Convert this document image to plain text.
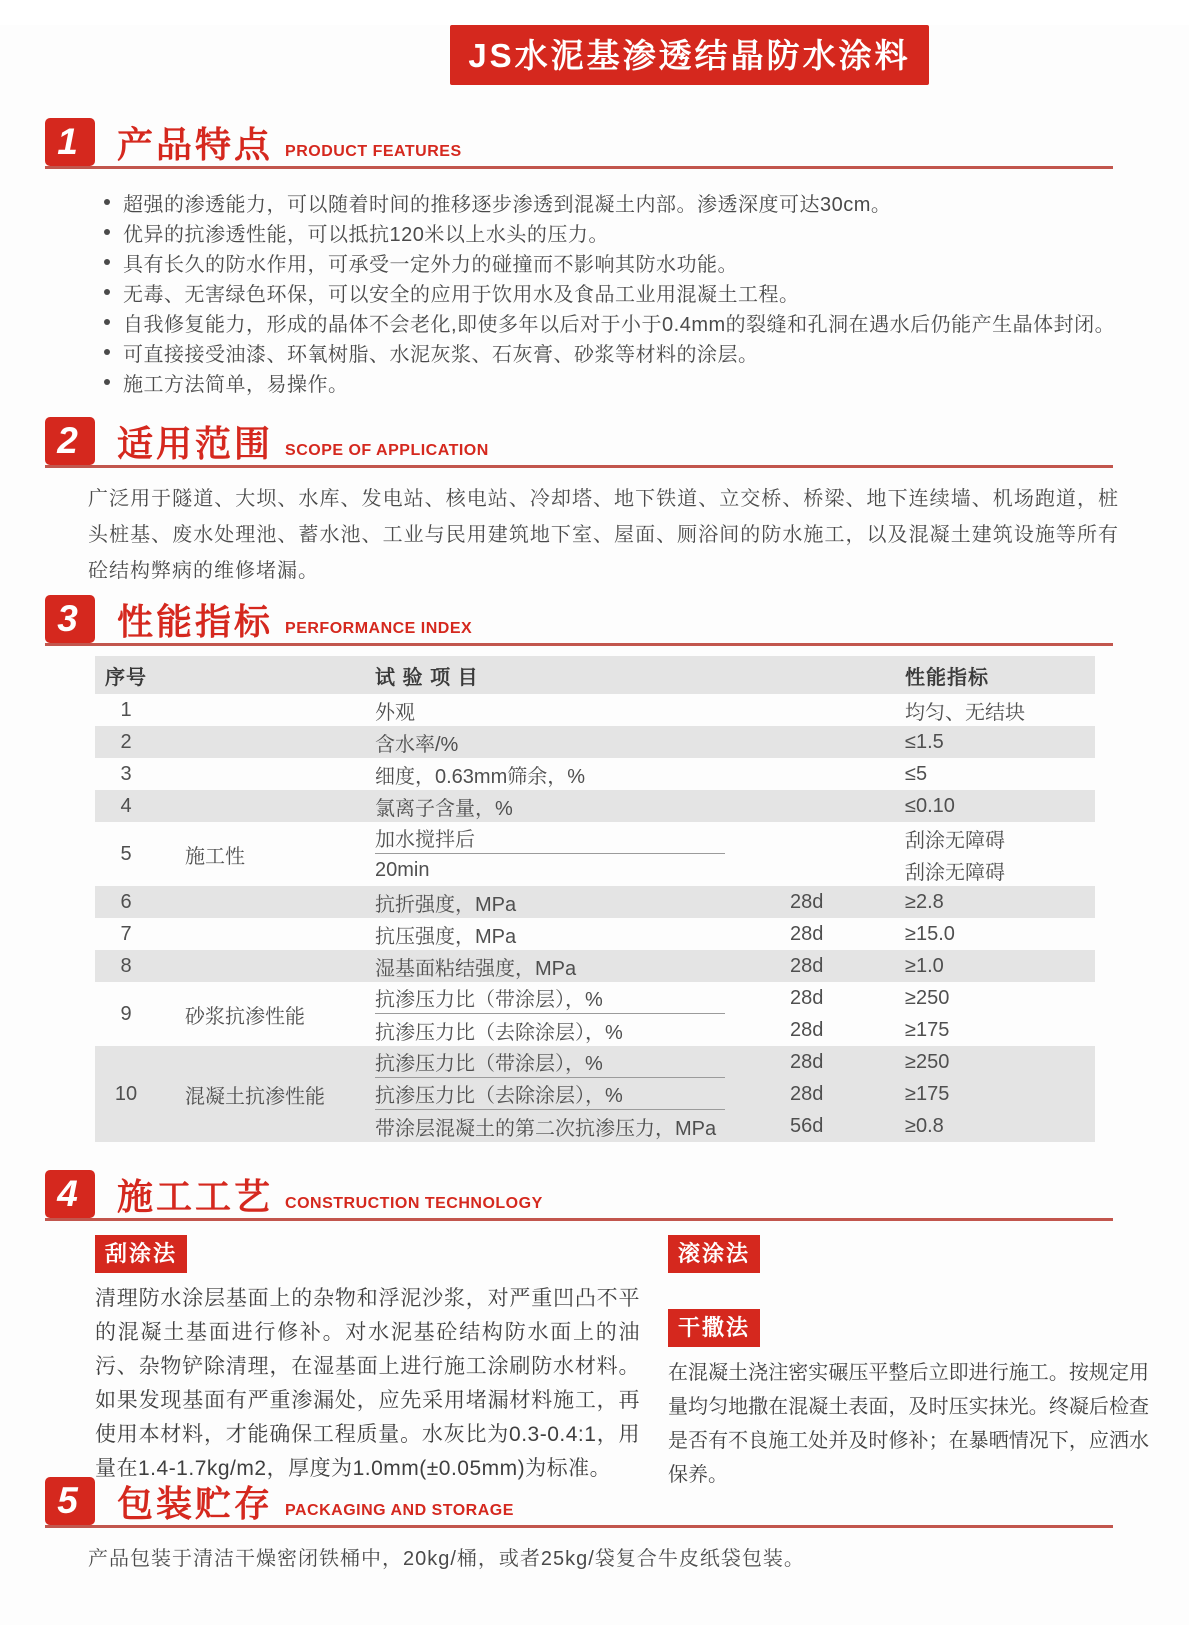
JS水泥基渗透结晶防水涂料
1	产品特点 PRODUCT FEATURES
超强的渗透能力，可以随着时间的推移逐步渗透到混凝土内部。渗透深度可达30cm。
优异的抗渗透性能，可以抵抗120米以上水头的压力。
具有长久的防水作用，可承受一定外力的碰撞而不影响其防水功能。
无毒、无害绿色环保，可以安全的应用于饮用水及食品工业用混凝土工程。
自我修复能力，形成的晶体不会老化,即使多年以后对于小于0.4mm的裂缝和孔洞在遇水后仍能产生晶体封闭。
可直接接受油漆、环氧树脂、水泥灰浆、石灰膏、砂浆等材料的涂层。
施工方法简单，易操作。
2	适用范围 SCOPE OF APPLICATION

广泛用于隧道、大坝、水库、发电站、核电站、冷却塔、地下铁道、立交桥、桥梁、地下连续墙、机场跑道，桩头桩基、废水处理池、蓄水池、工业与民用建筑地下室、屋面、厕浴间的防水施工，以及混凝土建筑设施等所有砼结构弊病的维修堵漏。

3	性能指标 PERFORMANCE INDEX
序号	试 验 项 目	性能指标
1	外观	均匀、无结块
2	含水率/%	≤1.5
3	细度，0.63mm筛余，%	≤5
4	氯离子含量，%	≤0.10
5	施工性
加水搅拌后	刮涂无障碍
20min	刮涂无障碍
6	抗折强度，MPa	28d	≥2.8
7	抗压强度，MPa	28d	≥15.0
8	湿基面粘结强度，MPa	28d	≥1.0
9	砂浆抗渗性能
抗渗压力比（带涂层），%	28d	≥250
抗渗压力比（去除涂层），%	28d	≥175
10	混凝土抗渗性能
抗渗压力比（带涂层），%	28d	≥250
抗渗压力比（去除涂层），%	28d	≥175
带涂层混凝土的第二次抗渗压力，MPa	56d	≥0.8
4	施工工艺 CONSTRUCTION TECHNOLOGY
刮涂法

清理防水涂层基面上的杂物和浮泥沙浆，对严重凹凸不平的混凝土基面进行修补。对水泥基砼结构防水面上的油污、杂物铲除清理，在湿基面上进行施工涂刷防水材料。如果发现基面有严重渗漏处，应先采用堵漏材料施工，再使用本材料，才能确保工程质量。水灰比为0.3-0.4:1，用量在1.4-1.7kg/m2，厚度为1.0mm(±0.05mm)为标准。

滚涂法
干撒法

在混凝土浇注密实碾压平整后立即进行施工。按规定用量均匀地撒在混凝土表面，及时压实抹光。终凝后检查是否有不良施工处并及时修补；在暴晒情况下，应洒水保养。

5	包装贮存 PACKAGING AND STORAGE

产品包装于清洁干燥密闭铁桶中，20kg/桶，或者25kg/袋复合牛皮纸袋包装。
